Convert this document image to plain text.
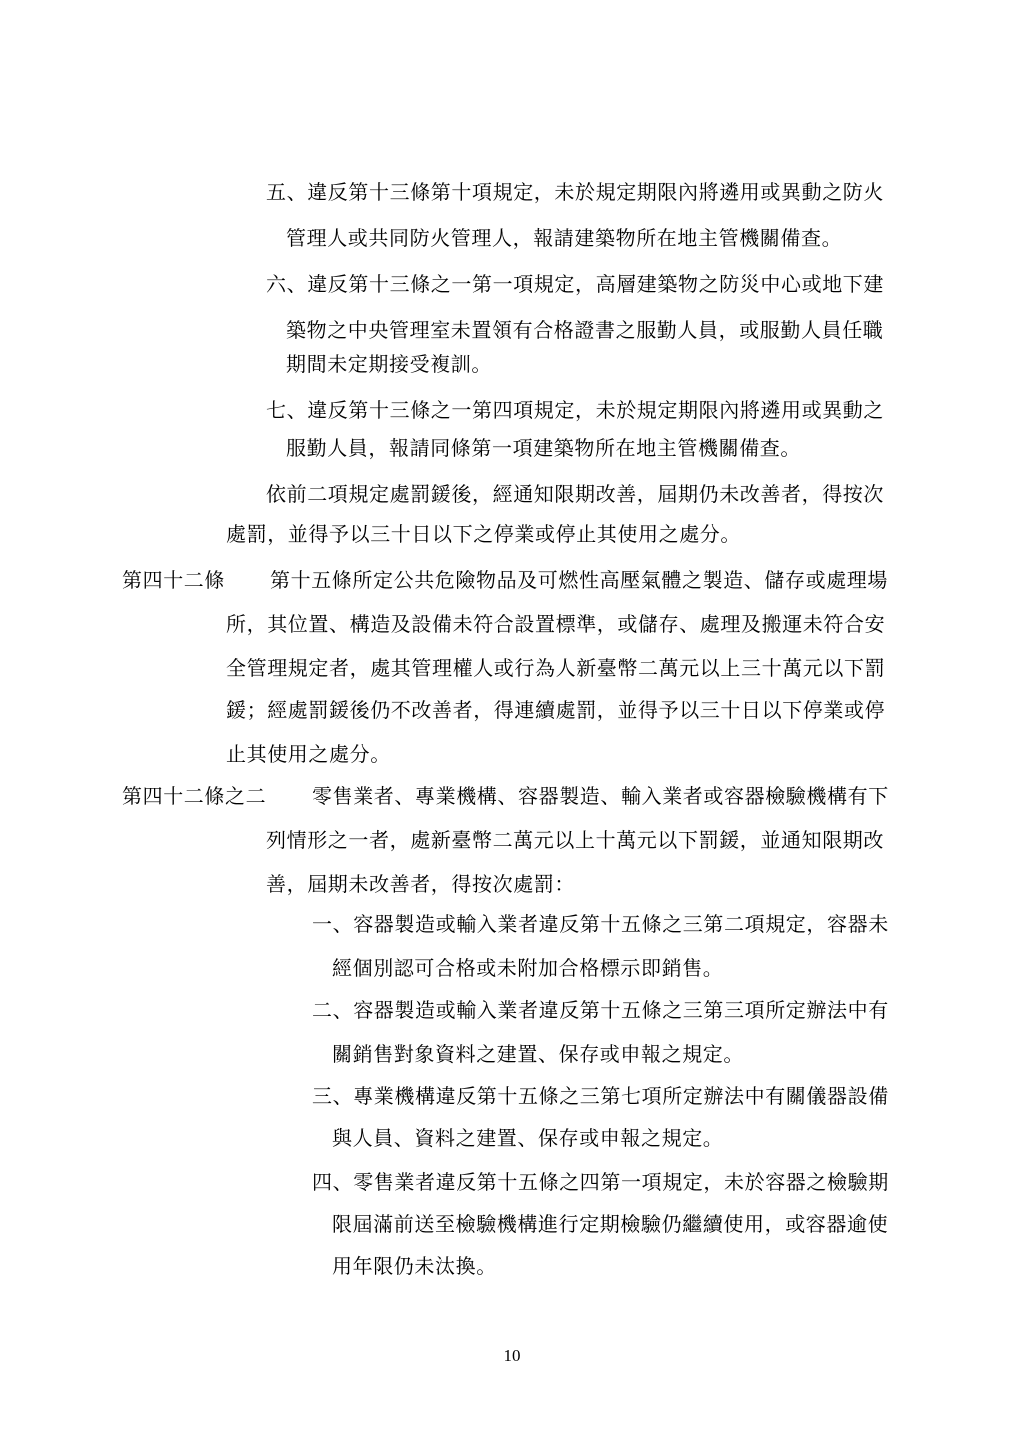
五、違反第十三條第十項規定，未於規定期限內將遴用或異動之防火
管理人或共同防火管理人，報請建築物所在地主管機關備查。
六、違反第十三條之一第一項規定，高層建築物之防災中心或地下建
築物之中央管理室未置領有合格證書之服勤人員，或服勤人員任職
期間未定期接受複訓。
七、違反第十三條之一第四項規定，未於規定期限內將遴用或異動之
服勤人員，報請同條第一項建築物所在地主管機關備查。
依前二項規定處罰鍰後，經通知限期改善，屆期仍未改善者，得按次
處罰，並得予以三十日以下之停業或停止其使用之處分。
第四十二條 第十五條所定公共危險物品及可燃性高壓氣體之製造、儲存或處理場
所，其位置、構造及設備未符合設置標準，或儲存、處理及搬運未符合安
全管理規定者，處其管理權人或行為人新臺幣二萬元以上三十萬元以下罰
鍰；經處罰鍰後仍不改善者，得連續處罰，並得予以三十日以下停業或停
止其使用之處分。
第四十二條之二 零售業者、專業機構、容器製造、輸入業者或容器檢驗機構有下
列情形之一者，處新臺幣二萬元以上十萬元以下罰鍰，並通知限期改
善，屆期未改善者，得按次處罰：
一、容器製造或輸入業者違反第十五條之三第二項規定，容器未
經個別認可合格或未附加合格標示即銷售。
二、容器製造或輸入業者違反第十五條之三第三項所定辦法中有
關銷售對象資料之建置、保存或申報之規定。
三、專業機構違反第十五條之三第七項所定辦法中有關儀器設備
與人員、資料之建置、保存或申報之規定。
四、零售業者違反第十五條之四第一項規定，未於容器之檢驗期
限屆滿前送至檢驗機構進行定期檢驗仍繼續使用，或容器逾使
用年限仍未汰換。
10
